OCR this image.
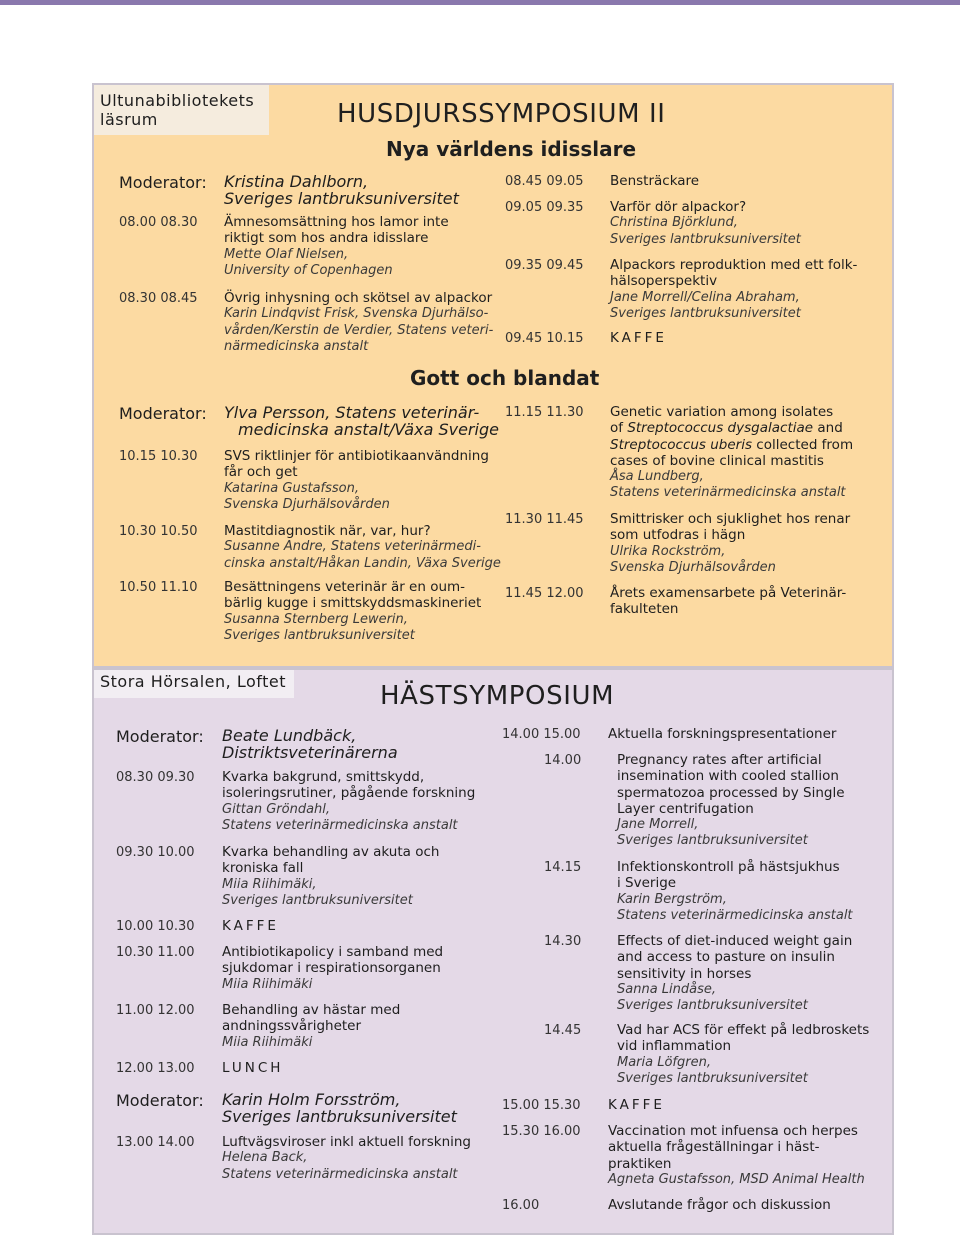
Ultunabibliotekets
läsrum	HUSDJURSSYMPOSIUM II
Nya världens idisslare
Moderator: Kristina Dahlborn,
Sveriges lantbruksuniversitet
08.00 08.30 Ämnesomsättning hos lamor inte
riktigt som hos andra idisslare
Mette Olaf Nielsen,
University of Copenhagen
08.30 08.45 Övrig inhysning och skötsel av alpackor
Karin Lindqvist Frisk, Svenska Djurhälso-
vården/Kerstin de Verdier, Statens veteri-
närmedicinska anstalt
08.45 09.05 Bensträckare
09.05 09.35 Varför dör alpackor?
Christina Björklund,
Sveriges lantbruksuniversitet
09.35 09.45 Alpackors reproduktion med ett folk-
hälsoperspektiv
Jane Morrell/Celina Abraham,
Sveriges lantbruksuniversitet
09.45 10.15 KAFFE
Gott och blandat
Moderator: Ylva Persson, Statens veterinär-
medicinska anstalt/Växa Sverige
10.15 10.30 SVS riktlinjer för antibiotikaanvändning
får och get
Katarina Gustafsson,
Svenska Djurhälsovården
10.30 10.50 Mastitdiagnostik när, var, hur?
Susanne Andre, Statens veterinärmedi-
cinska anstalt/Håkan Landin, Växa Sverige
10.50 11.10 Besättningens veterinär är en oum-
bärlig kugge i smittskyddsmaskineriet
Susanna Sternberg Lewerin,
Sveriges lantbruksuniversitet
11.15 11.30 Genetic variation among isolates
of Streptococcus dysgalactiae and
Streptococcus uberis collected from
cases of bovine clinical mastitis
Åsa Lundberg,
Statens veterinärmedicinska anstalt
11.30 11.45 Smittrisker och sjuklighet hos renar
som utfodras i hägn
Ulrika Rockström,
Svenska Djurhälsovården
11.45 12.00 Årets examensarbete på Veterinär-
fakulteten
Stora Hörsalen, Loftet	HÄSTSYMPOSIUM
Moderator: Beate Lundbäck,
Distriktsveterinärerna
08.30 09.30 Kvarka bakgrund, smittskydd,
isoleringsrutiner, pågående forskning
Gittan Gröndahl,
Statens veterinärmedicinska anstalt
09.30 10.00 Kvarka behandling av akuta och
kroniska fall
Miia Riihimäki,
Sveriges lantbruksuniversitet
10.00 10.30 KAFFE
10.30 11.00 Antibiotikapolicy i samband med
sjukdomar i respirationsorganen
Miia Riihimäki
11.00 12.00 Behandling av hästar med
andningssvårigheter
Miia Riihimäki
12.00 13.00 LUNCH
Moderator: Karin Holm Forsström,
Sveriges lantbruksuniversitet
13.00 14.00 Luftvägsviroser inkl aktuell forskning
Helena Back,
Statens veterinärmedicinska anstalt
14.00 15.00 Aktuella forskningspresentationer
14.00	Pregnancy rates after artificial
insemination with cooled stallion
spermatozoa processed by Single
Layer centrifugation
Jane Morrell,
Sveriges lantbruksuniversitet
14.15	Infektionskontroll på hästsjukhus
i Sverige
Karin Bergström,
Statens veterinärmedicinska anstalt
14.30	Effects of diet-induced weight gain
and access to pasture on insulin
sensitivity in horses
Sanna Lindåse,
Sveriges lantbruksuniversitet
14.45	Vad har ACS för effekt på ledbroskets
vid inflammation
Maria Löfgren,
Sveriges lantbruksuniversitet
15.00 15.30 KAFFE
15.30 16.00 Vaccination mot infuensa och herpes
aktuella frågeställningar i häst-
praktiken
Agneta Gustafsson, MSD Animal Health
16.00	Avslutande frågor och diskussion
